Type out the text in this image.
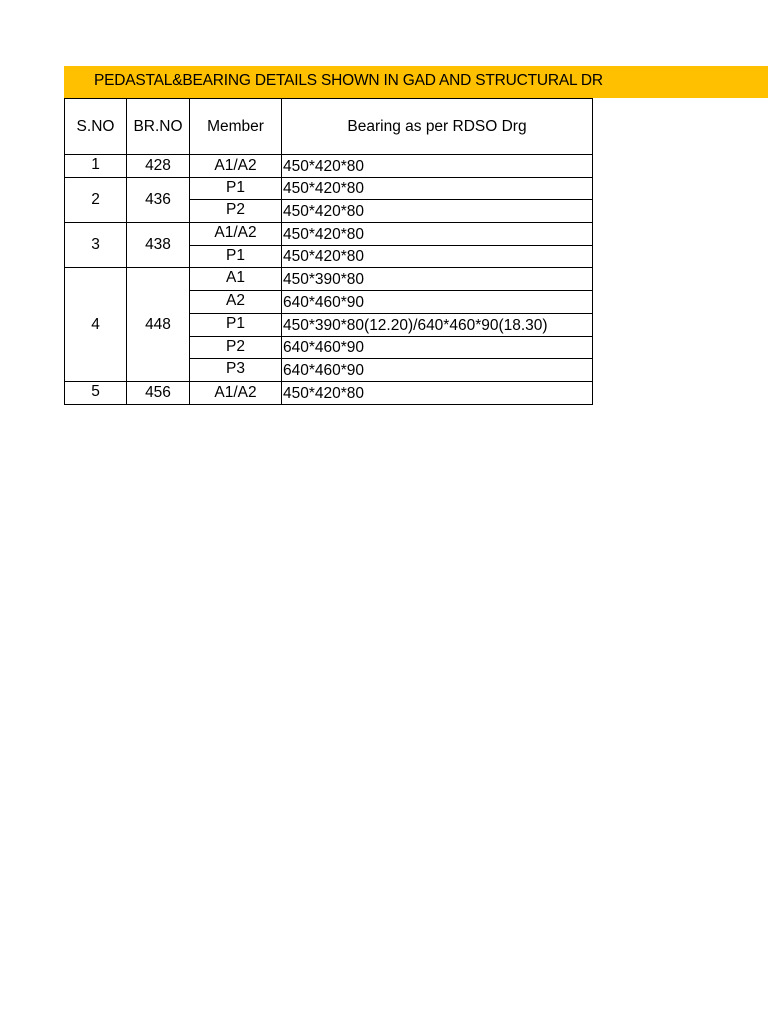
PEDASTAL&BEARING DETAILS SHOWN IN GAD AND STRUCTURAL DR
S.NO	BR.NO	Member	Bearing as per RDSO Drg
1	428	A1/A2	450*420*80
2	436	P1	450*420*80
		P2	450*420*80
3	438	A1/A2	450*420*80
		P1	450*420*80
4	448	A1	450*390*80
		A2	640*460*90
		P1	450*390*80(12.20)/640*460*90(18.30)
		P2	640*460*90
		P3	640*460*90
5	456	A1/A2	450*420*80
